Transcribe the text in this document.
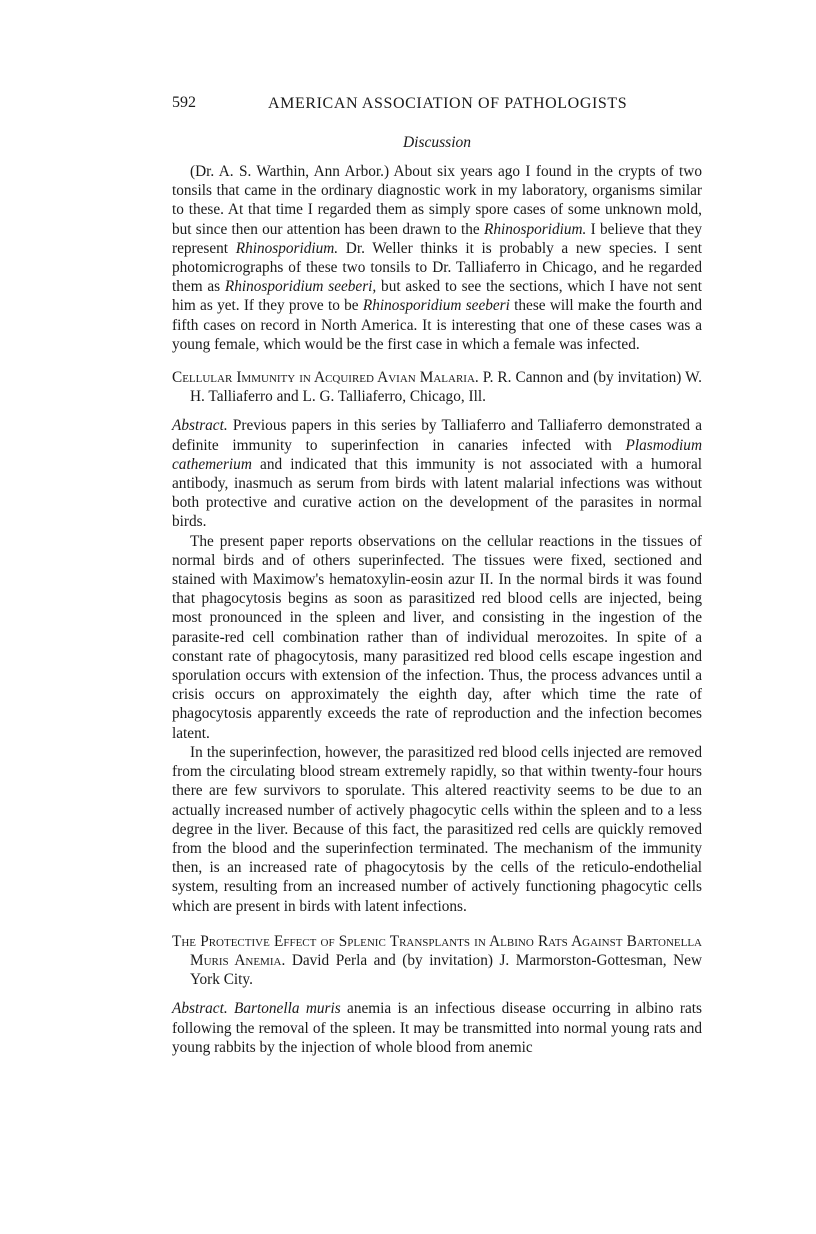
592	AMERICAN ASSOCIATION OF PATHOLOGISTS
Discussion

(Dr. A. S. Warthin, Ann Arbor.) About six years ago I found in the crypts of two tonsils that came in the ordinary diagnostic work in my laboratory, organisms similar to these. At that time I regarded them as simply spore cases of some unknown mold, but since then our attention has been drawn to the Rhinosporidium. I believe that they represent Rhinosporidium. Dr. Weller thinks it is probably a new species. I sent photomicrographs of these two tonsils to Dr. Talliaferro in Chicago, and he regarded them as Rhinosporidium seeberi, but asked to see the sections, which I have not sent him as yet. If they prove to be Rhinosporidium seeberi these will make the fourth and fifth cases on record in North America. It is interesting that one of these cases was a young female, which would be the first case in which a female was infected.

Cellular Immunity in Acquired Avian Malaria. P. R. Cannon and (by invitation) W. H. Talliaferro and L. G. Talliaferro, Chicago, Ill.

Abstract. Previous papers in this series by Talliaferro and Talliaferro demonstrated a definite immunity to superinfection in canaries infected with Plasmodium cathemerium and indicated that this immunity is not associated with a humoral antibody, inasmuch as serum from birds with latent malarial infections was without both protective and curative action on the development of the parasites in normal birds.

The present paper reports observations on the cellular reactions in the tissues of normal birds and of others superinfected. The tissues were fixed, sectioned and stained with Maximow's hematoxylin-eosin azur II. In the normal birds it was found that phagocytosis begins as soon as parasitized red blood cells are injected, being most pronounced in the spleen and liver, and consisting in the ingestion of the parasite-red cell combination rather than of individual merozoites. In spite of a constant rate of phagocytosis, many parasitized red blood cells escape ingestion and sporulation occurs with extension of the infection. Thus, the process advances until a crisis occurs on approximately the eighth day, after which time the rate of phagocytosis apparently exceeds the rate of reproduction and the infection becomes latent.

In the superinfection, however, the parasitized red blood cells injected are removed from the circulating blood stream extremely rapidly, so that within twenty-four hours there are few survivors to sporulate. This altered reactivity seems to be due to an actually increased number of actively phagocytic cells within the spleen and to a less degree in the liver. Because of this fact, the parasitized red cells are quickly removed from the blood and the superinfection terminated. The mechanism of the immunity then, is an increased rate of phagocytosis by the cells of the reticulo-endothelial system, resulting from an increased number of actively functioning phagocytic cells which are present in birds with latent infections.

The Protective Effect of Splenic Transplants in Albino Rats Against Bartonella Muris Anemia. David Perla and (by invitation) J. Marmorston-Gottesman, New York City.

Abstract. Bartonella muris anemia is an infectious disease occurring in albino rats following the removal of the spleen. It may be transmitted into normal young rats and young rabbits by the injection of whole blood from anemic
